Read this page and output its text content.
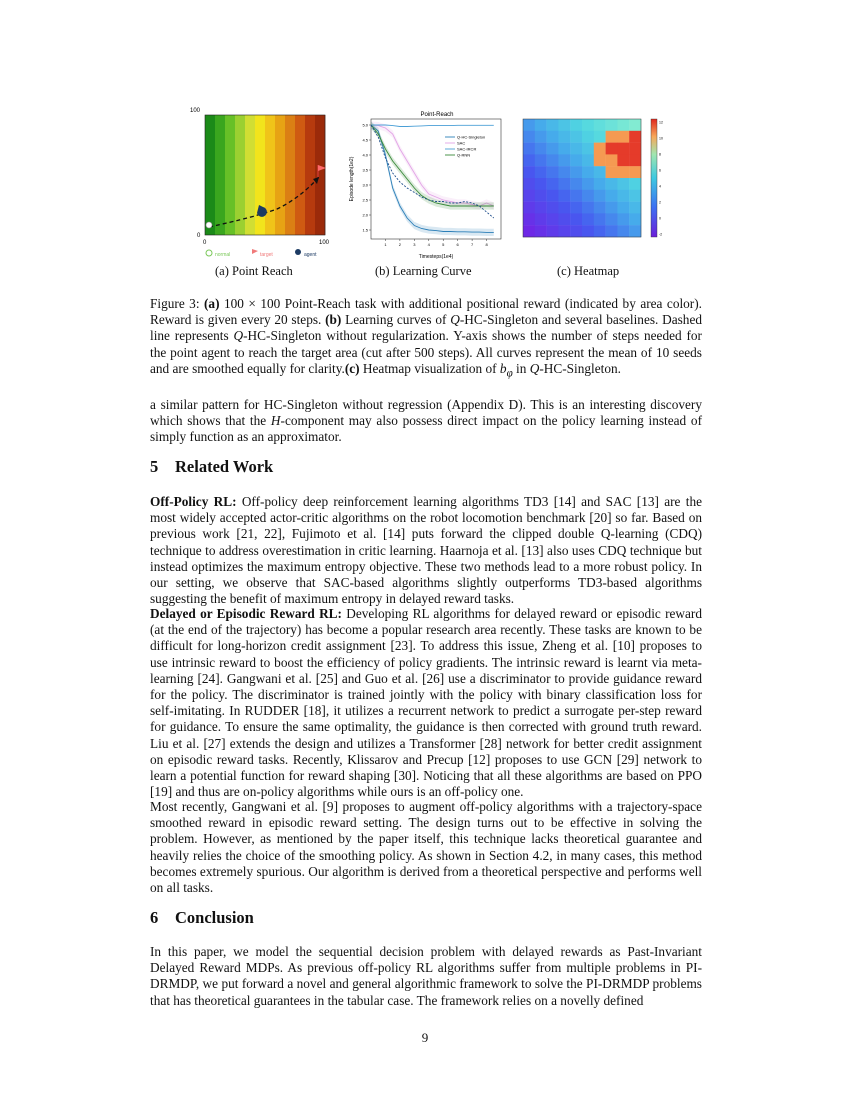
100
0
0	100
normal	target	agent
Point-Reach
1.5
2.0
2.5
3.0
3.5
4.0
4.5
5.0
1	2	3	4	5	6	7	8
Q-HC-Singleton
SAC
SAC-IRCR
Q-RNN
Timesteps(1e4)
Episode length(1e2)
12
10
8
6
4
2
0
-2
(a) Point Reach	(b) Learning Curve	(c) Heatmap
Figure 3: (a) 100 × 100 Point-Reach task with additional positional reward (indicated by area color). Reward is given every 20 steps. (b) Learning curves of Q-HC-Singleton and several baselines. Dashed line represents Q-HC-Singleton without regularization. Y-axis shows the number of steps needed for the point agent to reach the target area (cut after 500 steps). All curves represent the mean of 10 seeds and are smoothed equally for clarity.(c) Heatmap visualization of $b_\varphi$ in Q-HC-Singleton.

a similar pattern for HC-Singleton without regression (Appendix D). This is an interesting discovery which shows that the H-component may also possess direct impact on the policy learning instead of simply function as an approximator.

5 Related Work

Off-Policy RL: Off-policy deep reinforcement learning algorithms TD3 [14] and SAC [13] are the most widely accepted actor-critic algorithms on the robot locomotion benchmark [20] so far. Based on previous work [21, 22], Fujimoto et al. [14] puts forward the clipped double Q-learning (CDQ) technique to address overestimation in critic learning. Haarnoja et al. [13] also uses CDQ technique but instead optimizes the maximum entropy objective. These two methods lead to a more robust policy. In our setting, we observe that SAC-based algorithms slightly outperforms TD3-based algorithms suggesting the benefit of maximum entropy in delayed reward tasks.

Delayed or Episodic Reward RL: Developing RL algorithms for delayed reward or episodic reward (at the end of the trajectory) has become a popular research area recently. These tasks are known to be difficult for long-horizon credit assignment [23]. To address this issue, Zheng et al. [10] proposes to use intrinsic reward to boost the efficiency of policy gradients. The intrinsic reward is learnt via meta-learning [24]. Gangwani et al. [25] and Guo et al. [26] use a discriminator to provide guidance reward for the policy. The discriminator is trained jointly with the policy with binary classification loss for self-imitating. In RUDDER [18], it utilizes a recurrent network to predict a surrogate per-step reward for guidance. To ensure the same optimality, the guidance is then corrected with ground truth reward. Liu et al. [27] extends the design and utilizes a Transformer [28] network for better credit assignment on episodic reward tasks. Recently, Klissarov and Precup [12] proposes to use GCN [29] network to learn a potential function for reward shaping [30]. Noticing that all these algorithms are based on PPO [19] and thus are on-policy algorithms while ours is an off-policy one.

Most recently, Gangwani et al. [9] proposes to augment off-policy algorithms with a trajectory-space smoothed reward in episodic reward setting. The design turns out to be effective in solving the problem. However, as mentioned by the paper itself, this technique lacks theoretical guarantee and heavily relies the choice of the smoothing policy. As shown in Section 4.2, in many cases, this method becomes extremely spurious. Our algorithm is derived from a theoretical perspective and performs well on all tasks.

6 Conclusion

In this paper, we model the sequential decision problem with delayed rewards as Past-Invariant Delayed Reward MDPs. As previous off-policy RL algorithms suffer from multiple problems in PI-DRMDP, we put forward a novel and general algorithmic framework to solve the PI-DRMDP problems that has theoretical guarantees in the tabular case. The framework relies on a novelly defined

9
